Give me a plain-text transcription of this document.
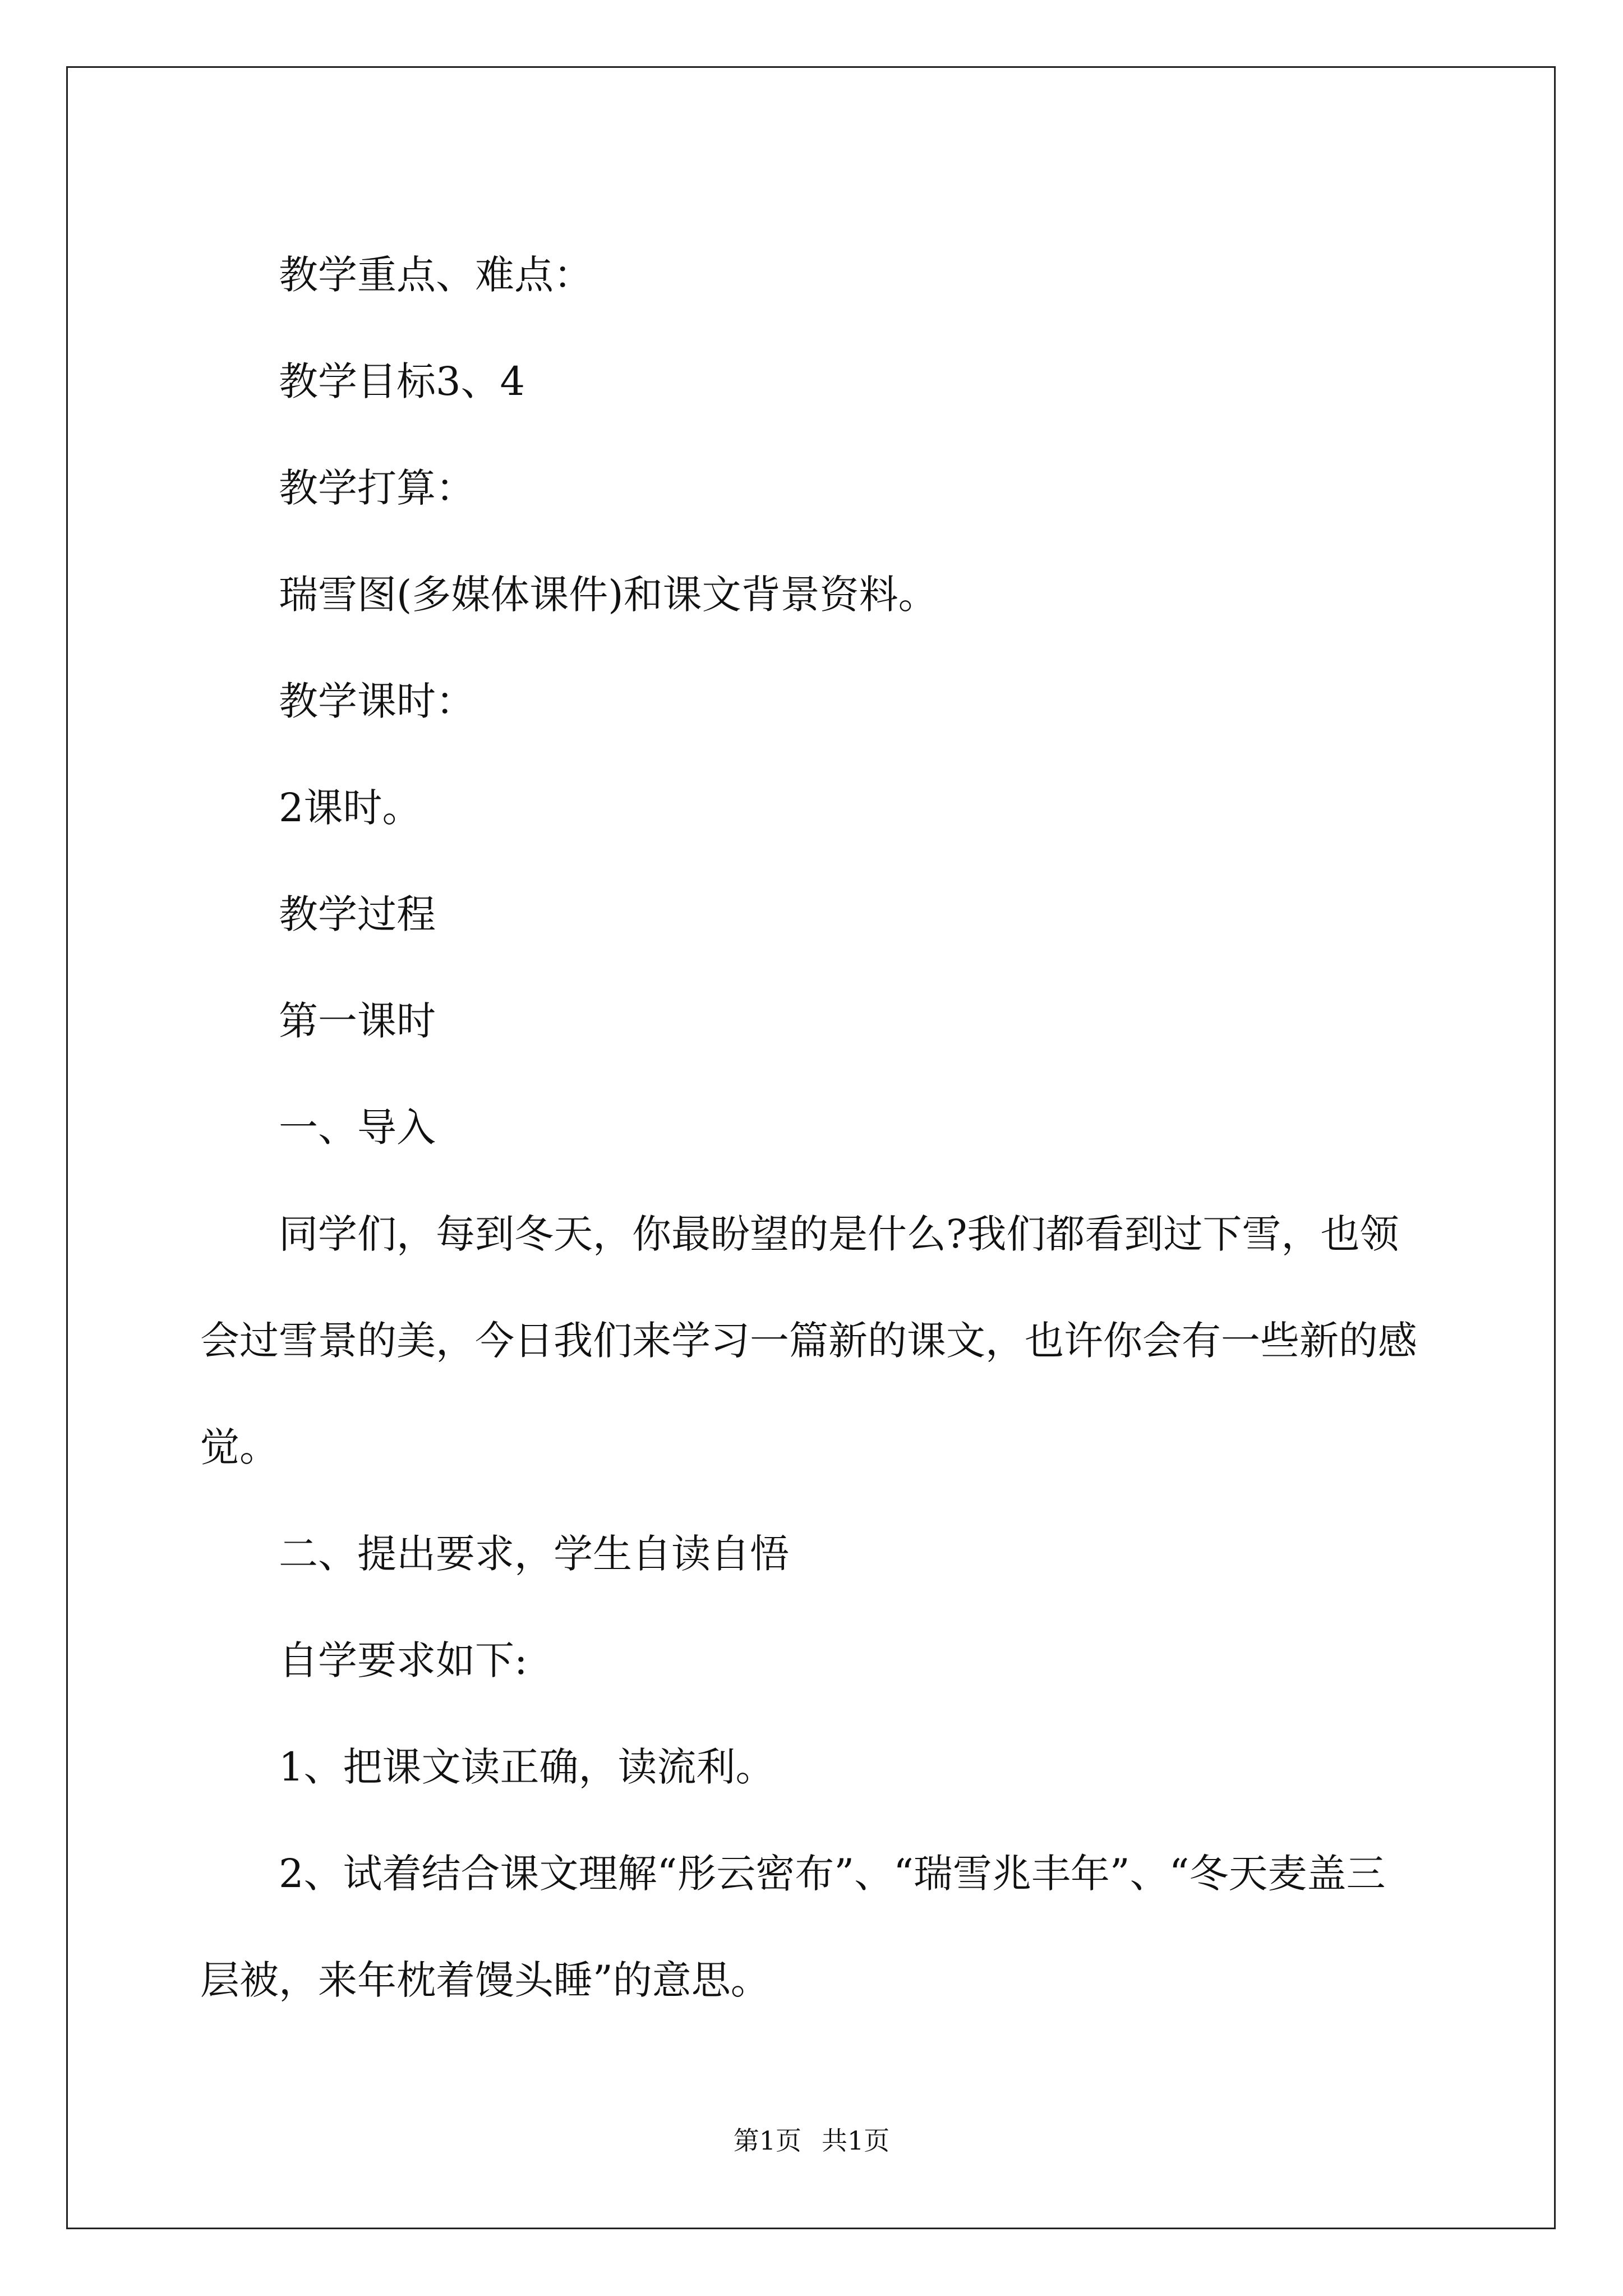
教学重点、难点：

教学目标3、4

教学打算：

瑞雪图(多媒体课件)和课文背景资料。

教学课时：

2课时。

教学过程

第一课时

一、导入

同学们，每到冬天，你最盼望的是什么?我们都看到过下雪，也领会过雪景的美，今日我们来学习一篇新的课文，也许你会有一些新的感觉。

二、提出要求，学生自读自悟

自学要求如下:

1、把课文读正确，读流利。

2、试着结合课文理解“彤云密布”、“瑞雪兆丰年”、“冬天麦盖三层被，来年枕着馒头睡”的意思。

第1页 共1页
